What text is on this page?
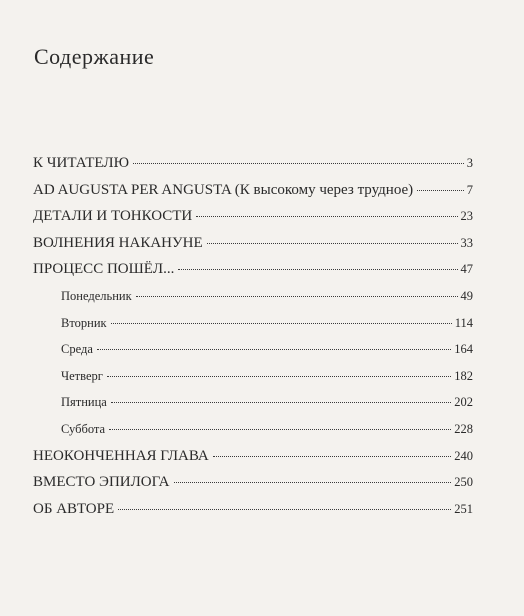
Содержание
К ЧИТАТЕЛЮ	3
AD AUGUSTA PER ANGUSTA (К высокому через трудное)	7
ДЕТАЛИ И ТОНКОСТИ	23
ВОЛНЕНИЯ НАКАНУНЕ	33
ПРОЦЕСС ПОШЁЛ...	47
Понедельник	49
Вторник	114
Среда	164
Четверг	182
Пятница	202
Суббота	228
НЕОКОНЧЕННАЯ ГЛАВА	240
ВМЕСТО ЭПИЛОГА	250
ОБ АВТОРЕ	251
